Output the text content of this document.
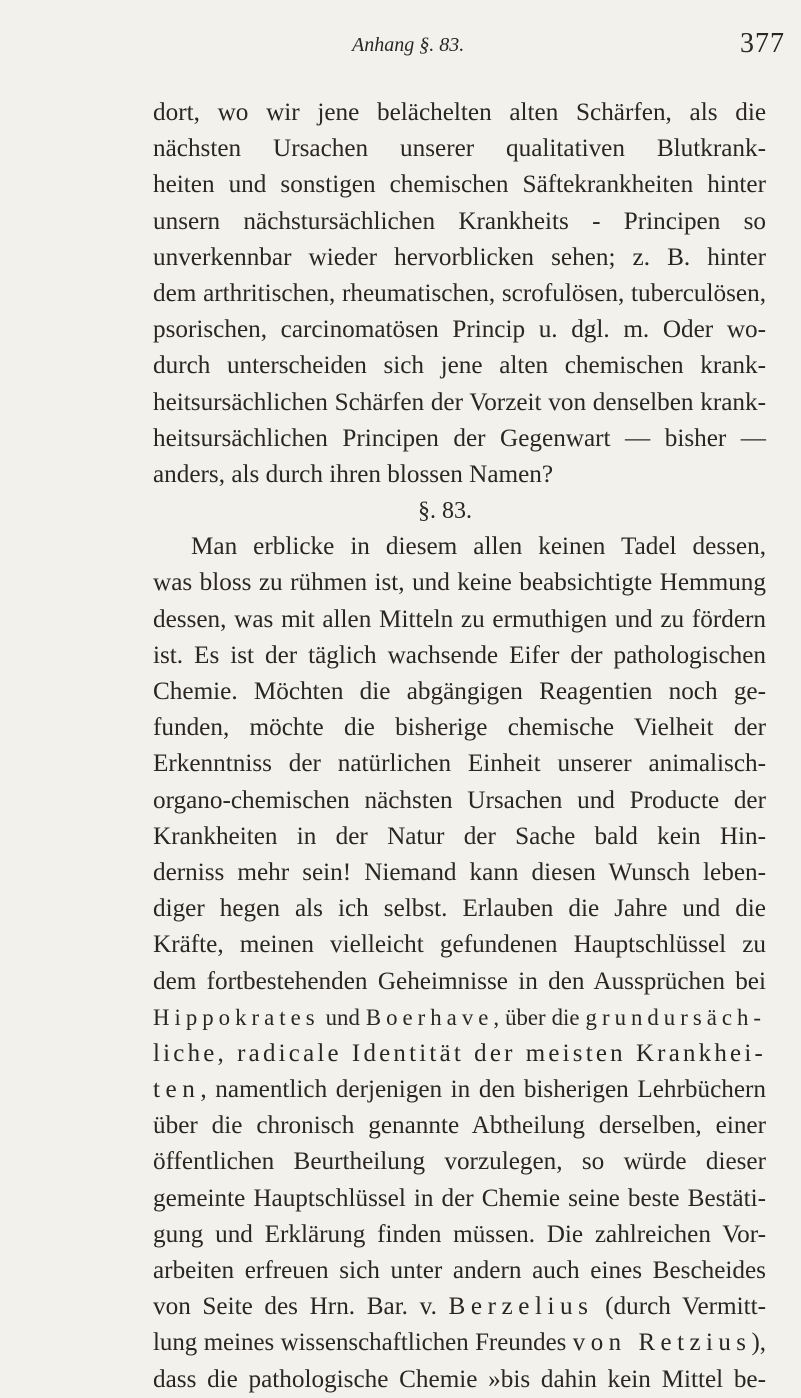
Anhang §. 83.	377
dort, wo wir jene belächelten alten Schärfen, als die
nächsten Ursachen unserer qualitativen Blutkrank-
heiten und sonstigen chemischen Säftekrankheiten hinter
unsern nächstursächlichen Krankheits - Principen so
unverkennbar wieder hervorblicken sehen; z. B. hinter
dem arthritischen, rheumatischen, scrofulösen, tuberculösen,
psorischen, carcinomatösen Princip u. dgl. m. Oder wo-
durch unterscheiden sich jene alten chemischen krank-
heitsursächlichen Schärfen der Vorzeit von denselben krank-
heitsursächlichen Principen der Gegenwart — bisher —
anders, als durch ihren blossen Namen?
§. 83.
Man erblicke in diesem allen keinen Tadel dessen,
was bloss zu rühmen ist, und keine beabsichtigte Hemmung
dessen, was mit allen Mitteln zu ermuthigen und zu fördern
ist. Es ist der täglich wachsende Eifer der pathologischen
Chemie. Möchten die abgängigen Reagentien noch ge-
funden, möchte die bisherige chemische Vielheit der
Erkenntniss der natürlichen Einheit unserer animalisch-
organo-chemischen nächsten Ursachen und Producte der
Krankheiten in der Natur der Sache bald kein Hin-
derniss mehr sein! Niemand kann diesen Wunsch leben-
diger hegen als ich selbst. Erlauben die Jahre und die
Kräfte, meinen vielleicht gefundenen Hauptschlüssel zu
dem fortbestehenden Geheimnisse in den Aussprüchen bei
Hippokrates und Boerhave, über die grundursäch-
liche, radicale Identität der meisten Krankhei-
ten, namentlich derjenigen in den bisherigen Lehrbüchern
über die chronisch genannte Abtheilung derselben, einer
öffentlichen Beurtheilung vorzulegen, so würde dieser
gemeinte Hauptschlüssel in der Chemie seine beste Bestäti-
gung und Erklärung finden müssen. Die zahlreichen Vor-
arbeiten erfreuen sich unter andern auch eines Bescheides
von Seite des Hrn. Bar. v. Berzelius (durch Vermitt-
lung meines wissenschaftlichen Freundes von Retzius),
dass die pathologische Chemie »bis dahin kein Mittel be-
